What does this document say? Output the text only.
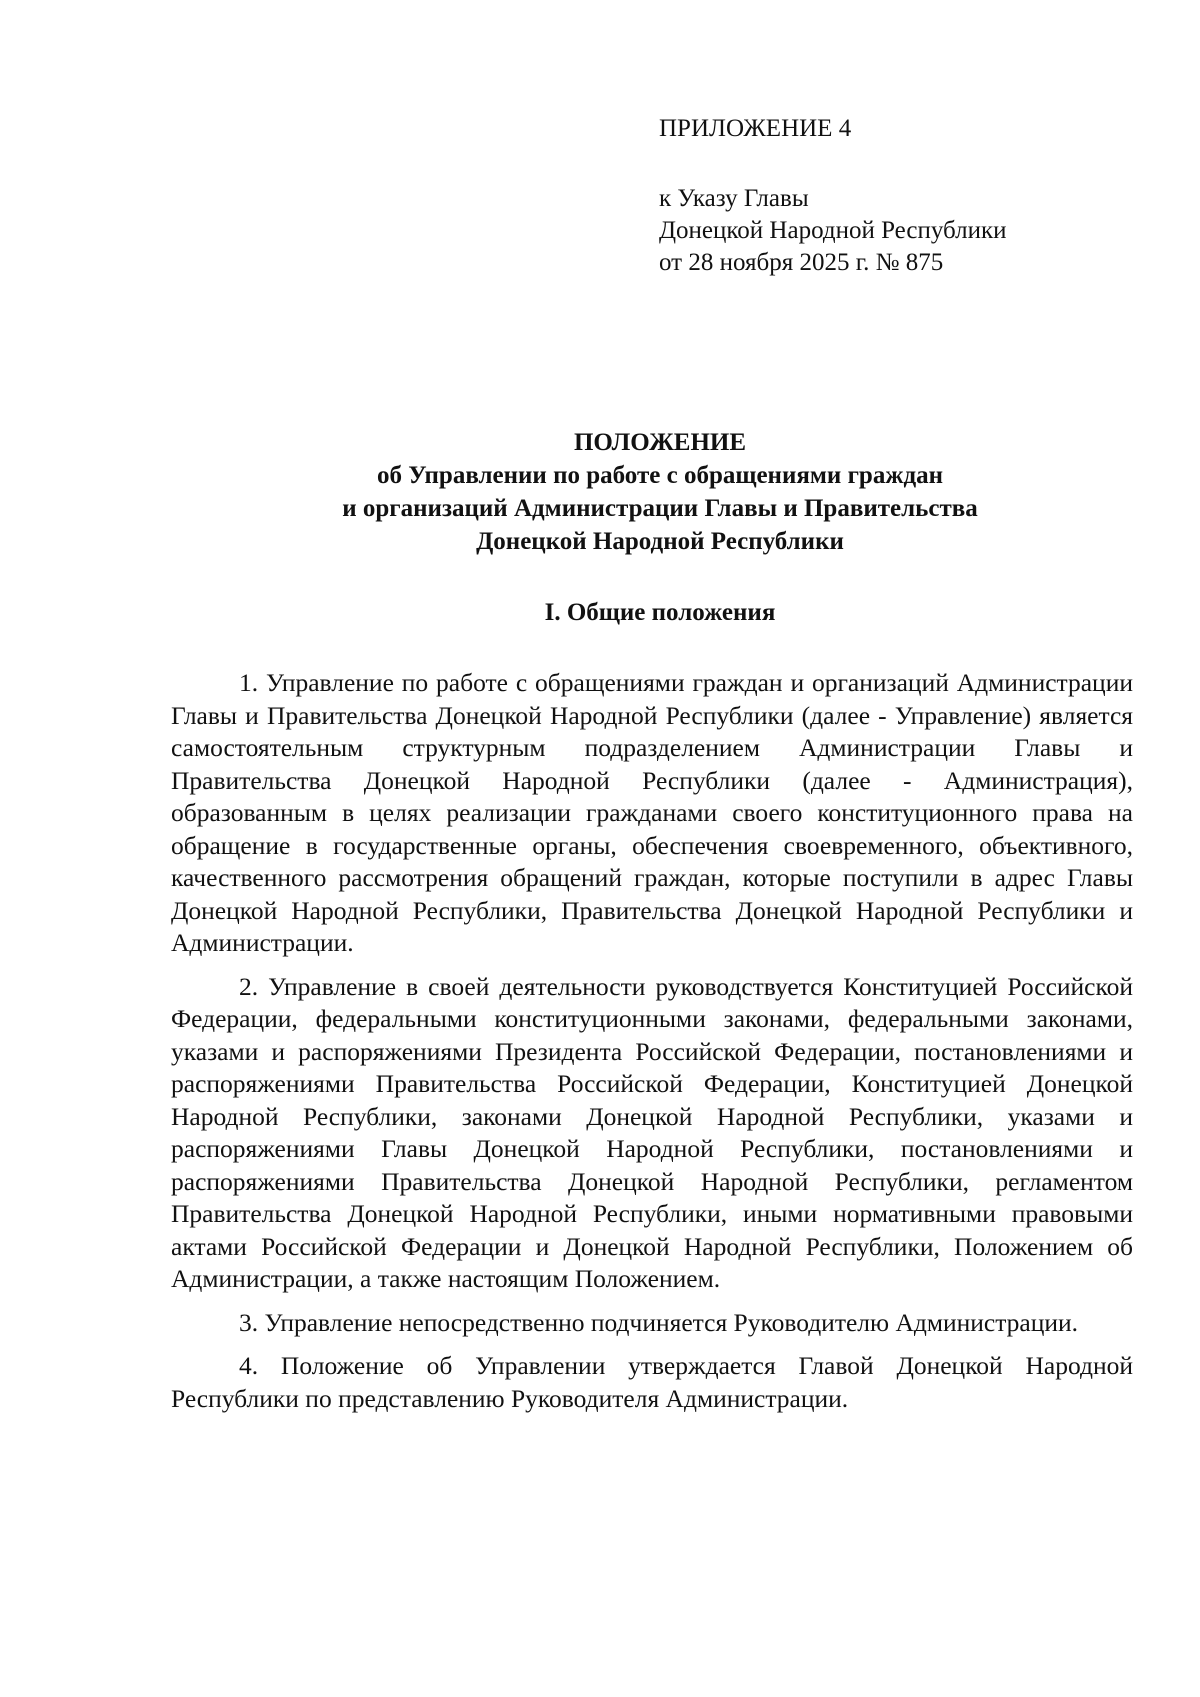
ПРИЛОЖЕНИЕ 4
к Указу Главы
Донецкой Народной Республики
от 28 ноября 2025 г. № 875
ПОЛОЖЕНИЕ
об Управлении по работе с обращениями граждан
и организаций Администрации Главы и Правительства
Донецкой Народной Республики
I. Общие положения

1. Управление по работе с обращениями граждан и организаций Администрации Главы и Правительства Донецкой Народной Республики (далее - Управление) является самостоятельным структурным подразделением Администрации Главы и Правительства Донецкой Народной Республики (далее - Администрация), образованным в целях реализации гражданами своего конституционного права на обращение в государственные органы, обеспечения своевременного, объективного, качественного рассмотрения обращений граждан, которые поступили в адрес Главы Донецкой Народной Республики, Правительства Донецкой Народной Республики и Администрации.

2. Управление в своей деятельности руководствуется Конституцией Российской Федерации, федеральными конституционными законами, федеральными законами, указами и распоряжениями Президента Российской Федерации, постановлениями и распоряжениями Правительства Российской Федерации, Конституцией Донецкой Народной Республики, законами Донецкой Народной Республики, указами и распоряжениями Главы Донецкой Народной Республики, постановлениями и распоряжениями Правительства Донецкой Народной Республики, регламентом Правительства Донецкой Народной Республики, иными нормативными правовыми актами Российской Федерации и Донецкой Народной Республики, Положением об Администрации, а также настоящим Положением.

3. Управление непосредственно подчиняется Руководителю Администрации.

4. Положение об Управлении утверждается Главой Донецкой Народной Республики по представлению Руководителя Администрации.
